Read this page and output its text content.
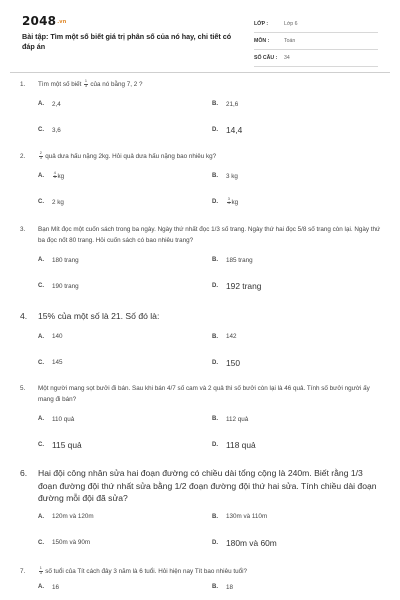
2048.vn
Bài tập: Tìm một số biết giá trị phân số của nó hay, chi tiết có đáp án
LỚP :	Lớp 6
MÔN :	Toán
SỐ CÂU :	34
1.	Tìm một số biết $\frac{1}{3}$ của nó bằng 7, 2 ?
A.	2,4	B.	21,6
C.	3,6	D. 14,4
2.	$\frac{2}{3}$ quả dưa hấu nặng 2kg. Hỏi quả dưa hấu nặng bao nhiêu kg?
A.	$\frac{4}{3}$ kg	B.	3 kg
C.	2 kg	D.	$\frac{3}{4}$ kg
3.	Bạn Mít đọc một cuốn sách trong ba ngày. Ngày thứ nhất đọc 1/3 số trang. Ngày thứ hai đọc 5/8 số trang còn lại. Ngày thứ ba đọc nốt 80 trang. Hỏi cuốn sách có bao nhiêu trang?
A.	180 trang	B.	185 trang
C.	190 trang	D. 192 trang
4.	15% của một số là 21. Số đó là:
A.	140	B.	142
C.	145	D. 150
5.	Một người mang sọt bưởi đi bán. Sau khi bán 4/7 số cam và 2 quả thì số bưởi còn lại là 46 quả. Tính số bưởi người ấy mang đi bán?
A.	110 quả	B.	112 quả
C. 115 quả	D. 118 quả
6.	Hai đội công nhân sửa hai đoạn đường có chiều dài tổng cộng là 240m. Biết rằng 1/3 đoạn đường đội thứ nhất sửa bằng 1/2 đoạn đường đội thứ hai sửa. Tính chiều dài đoạn đường mỗi đội đã sửa?
A.	120m và 120m	B.	130m và 110m
C.	150m và 90m	D. 180m và 60m
7.	$\frac{1}{3}$ số tuổi của Tít cách đây 3 năm là 6 tuổi. Hỏi hiện nay Tít bao nhiêu tuổi?
A.	16	B.	18
